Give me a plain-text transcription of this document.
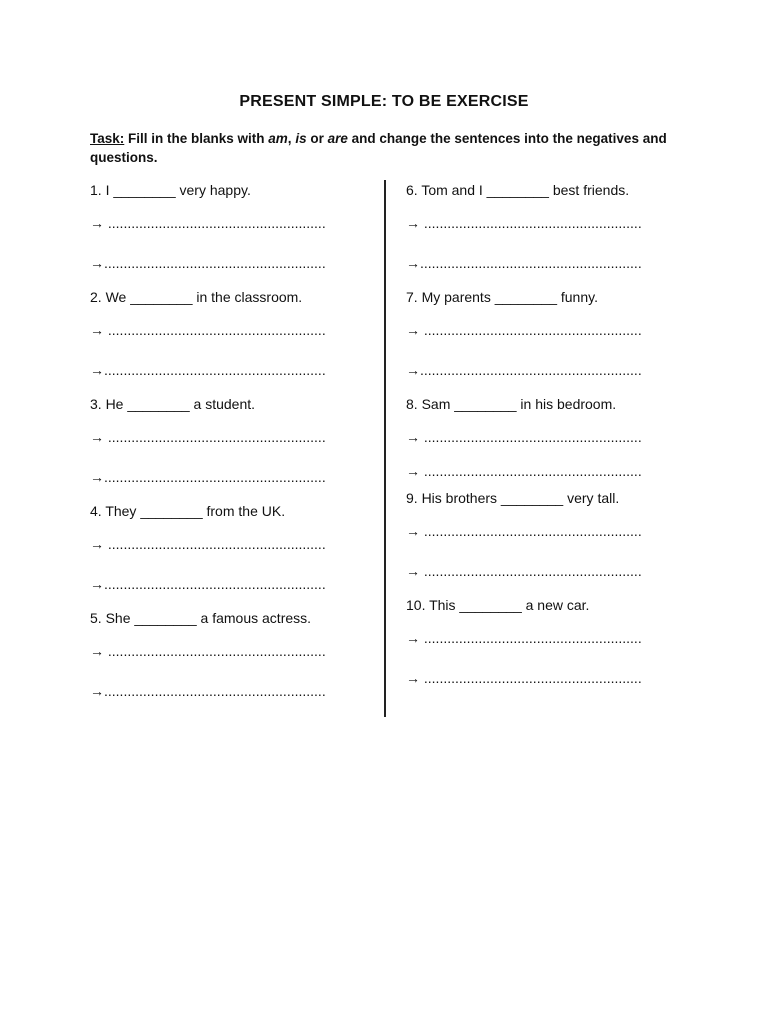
PRESENT SIMPLE: TO BE EXERCISE
Task: Fill in the blanks with am, is or are and change the sentences into the negatives and questions.
1. I ________ very happy.
→ ........................................................
→.........................................................
2. We ________ in the classroom.
→ ........................................................
→.........................................................
3. He ________ a student.
→ ........................................................
→.........................................................
4. They ________ from the UK.
→ ........................................................
→.........................................................
5. She ________ a famous actress.
→ ........................................................
→.........................................................
6. Tom and I ________ best friends.
→ ........................................................
→.........................................................
7. My parents ________ funny.
→ ........................................................
→.........................................................
8. Sam ________ in his bedroom.
→ ........................................................
→ ........................................................
9. His brothers ________ very tall.
→ ........................................................
→ ........................................................
10. This ________ a new car.
→ ........................................................
→ ........................................................
